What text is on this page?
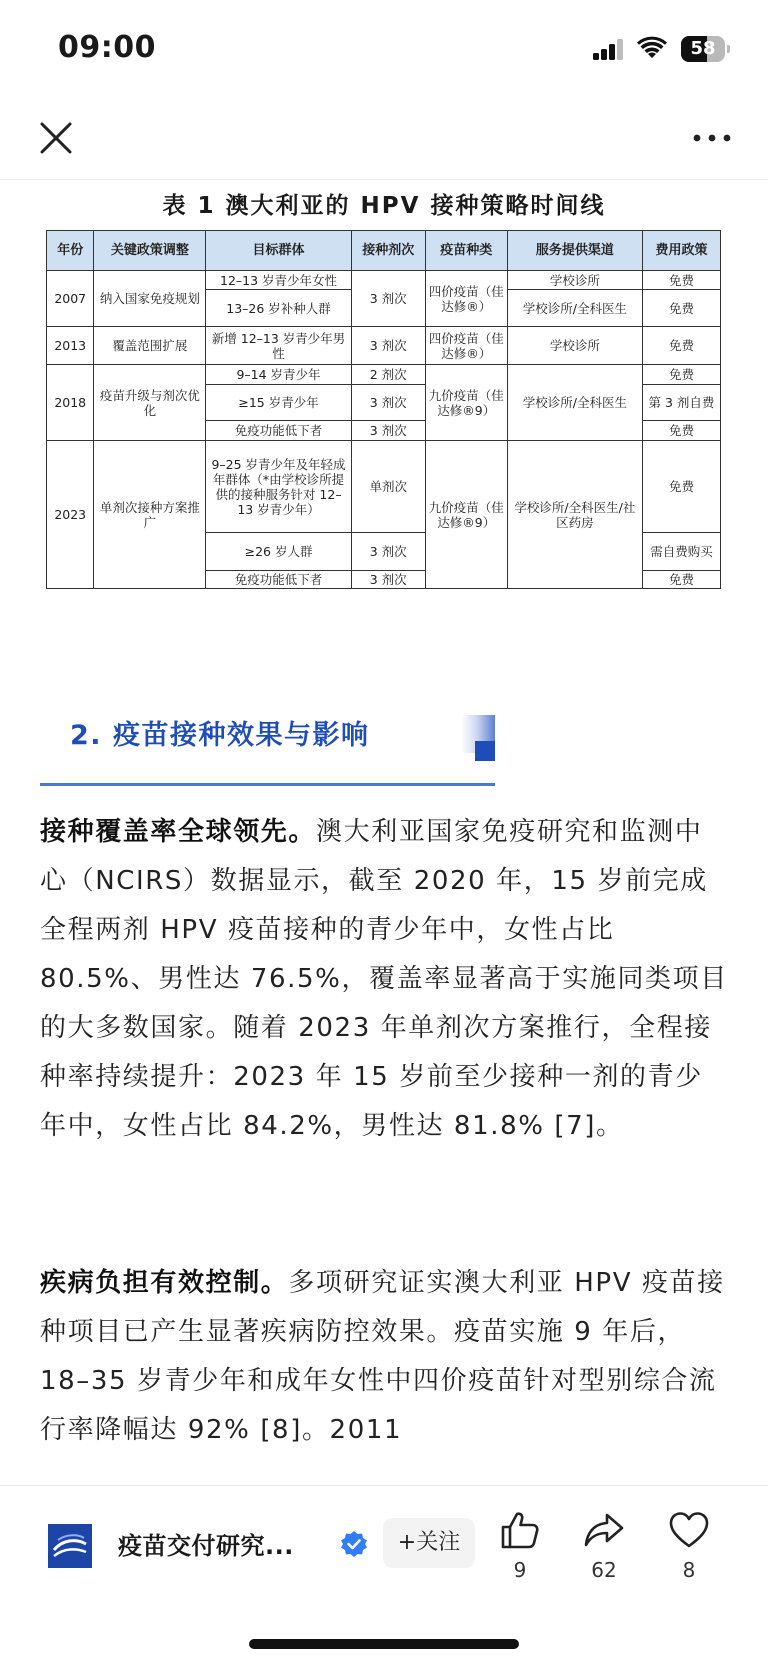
09:00	58
表 1 澳大利亚的 HPV 接种策略时间线
年份	关键政策调整	目标群体	接种剂次	疫苗种类	服务提供渠道	费用政策
2007	纳入国家免疫规划	12–13 岁青少年女性	3 剂次	四价疫苗（佳达修®）	学校诊所	免费
		13–26 岁补种人群			学校诊所/全科医生	免费
2013	覆盖范围扩展	新增 12–13 岁青少年男性	3 剂次	四价疫苗（佳达修®）	学校诊所	免费
2018	疫苗升级与剂次优化	9–14 岁青少年	2 剂次	九价疫苗（佳达修®9）	学校诊所/全科医生	免费
		≥15 岁青少年	3 剂次			第 3 剂自费
		免疫功能低下者	3 剂次			免费
2023	单剂次接种方案推广	9–25 岁青少年及年轻成年群体（*由学校诊所提供的接种服务针对 12–13 岁青少年）	单剂次	九价疫苗（佳达修®9）	学校诊所/全科医生/社区药房	免费
		≥26 岁人群	3 剂次			需自费购买
		免疫功能低下者	3 剂次			免费
2. 疫苗接种效果与影响
接种覆盖率全球领先。澳大利亚国家免疫研究和监测中心（NCIRS）数据显示，截至 2020 年，15 岁前完成全程两剂 HPV 疫苗接种的青少年中，女性占比 80.5%、男性达 76.5%，覆盖率显著高于实施同类项目的大多数国家。随着 2023 年单剂次方案推行，全程接种率持续提升：2023 年 15 岁前至少接种一剂的青少年中，女性占比 84.2%，男性达 81.8% [7]。
疾病负担有效控制。多项研究证实澳大利亚 HPV 疫苗接种项目已产生显著疾病防控效果。疫苗实施 9 年后，18–35 岁青少年和成年女性中四价疫苗针对型别综合流行率降幅达 92% [8]。2011
疫苗交付研究...	+关注
9	62	8
